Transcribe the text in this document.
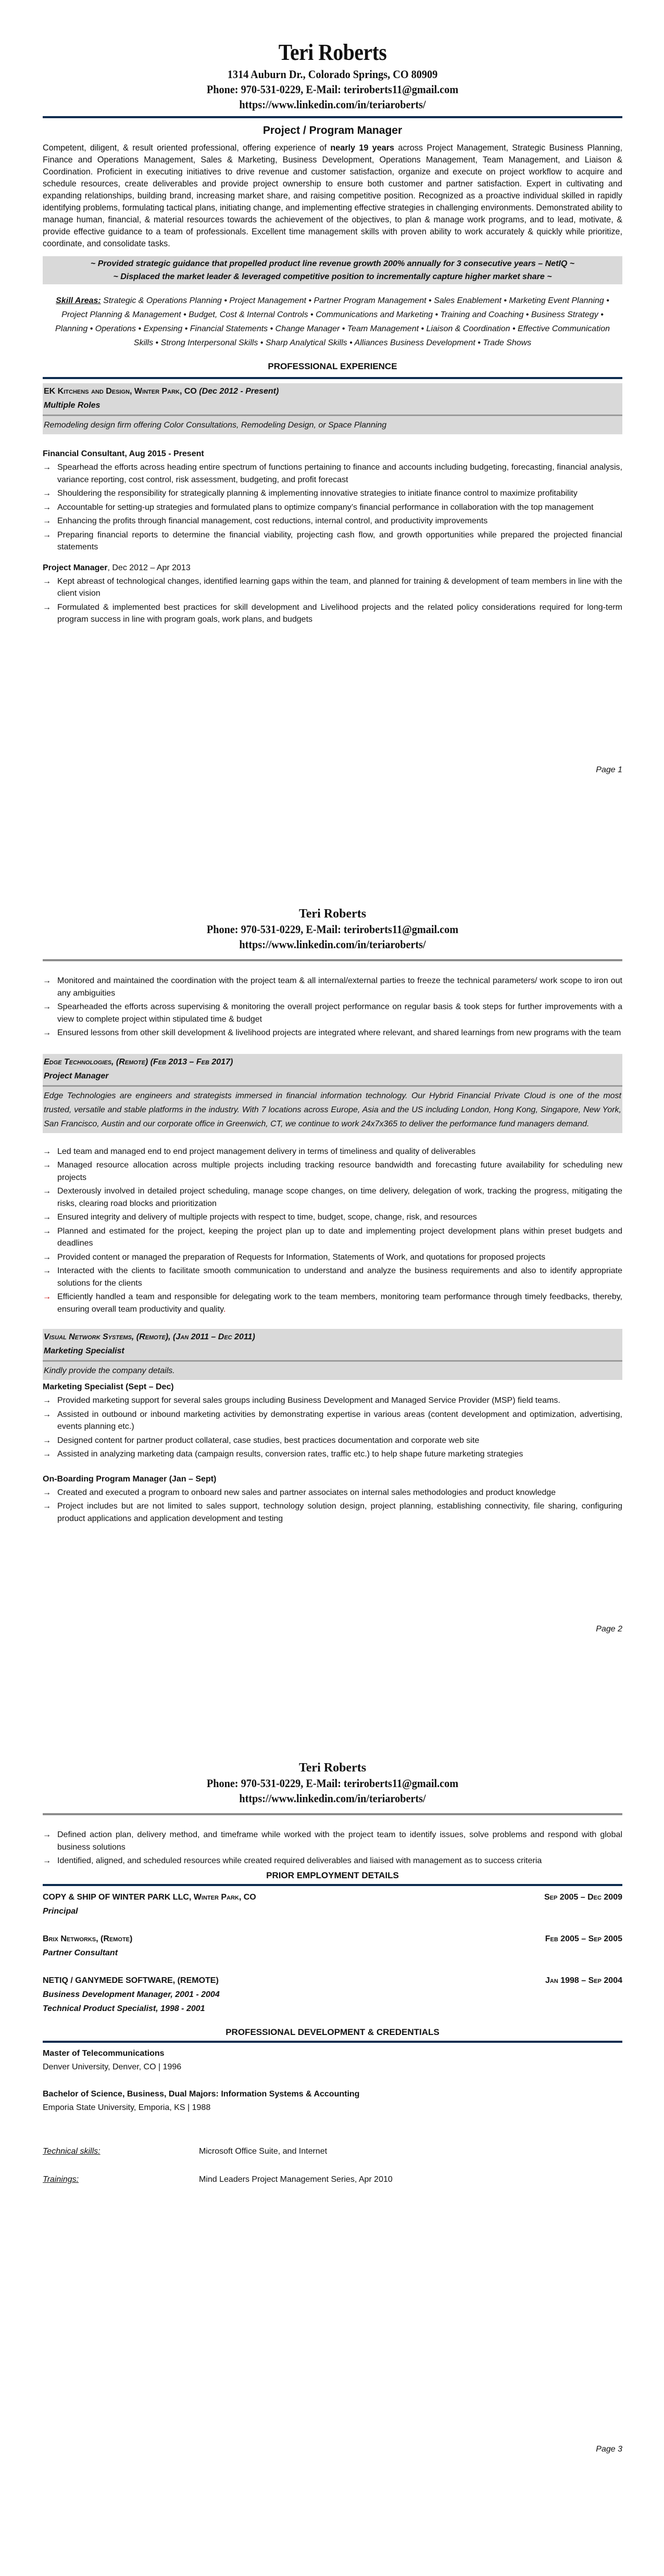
Teri Roberts
1314 Auburn Dr., Colorado Springs, CO 80909
Phone: 970-531-0229, E-Mail: teriroberts11@gmail.com
https://www.linkedin.com/in/teriaroberts/
Project / Program Manager
Competent, diligent, & result oriented professional, offering experience of nearly 19 years across Project Management, Strategic Business Planning, Finance and Operations Management, Sales & Marketing, Business Development, Operations Management, Team Management, and Liaison & Coordination. Proficient in executing initiatives to drive revenue and customer satisfaction, organize and execute on project workflow to acquire and schedule resources, create deliverables and provide project ownership to ensure both customer and partner satisfaction. Expert in cultivating and expanding relationships, building brand, increasing market share, and raising competitive position. Recognized as a proactive individual skilled in rapidly identifying problems, formulating tactical plans, initiating change, and implementing effective strategies in challenging environments. Demonstrated ability to manage human, financial, & material resources towards the achievement of the objectives, to plan & manage work programs, and to lead, motivate, & provide effective guidance to a team of professionals. Excellent time management skills with proven ability to work accurately & quickly while prioritize, coordinate, and consolidate tasks.
~ Provided strategic guidance that propelled product line revenue growth 200% annually for 3 consecutive years – NetIQ ~
~ Displaced the market leader & leveraged competitive position to incrementally capture higher market share ~
Skill Areas: Strategic & Operations Planning • Project Management • Partner Program Management • Sales Enablement • Marketing Event Planning • Project Planning & Management • Budget, Cost & Internal Controls • Communications and Marketing • Training and Coaching • Business Strategy • Planning • Operations • Expensing • Financial Statements • Change Manager • Team Management • Liaison & Coordination • Effective Communication Skills • Strong Interpersonal Skills • Sharp Analytical Skills • Alliances Business Development • Trade Shows
PROFESSIONAL EXPERIENCE
EK Kitchens and Design, Winter Park, CO (Dec 2012 - Present)
Multiple Roles
Remodeling design firm offering Color Consultations, Remodeling Design, or Space Planning
Financial Consultant, Aug 2015 - Present
→ Spearhead the efforts across heading entire spectrum of functions pertaining to finance and accounts including budgeting, forecasting, financial analysis, variance reporting, cost control, risk assessment, budgeting, and profit forecast
→ Shouldering the responsibility for strategically planning & implementing innovative strategies to initiate finance control to maximize profitability
→ Accountable for setting-up strategies and formulated plans to optimize company’s financial performance in collaboration with the top management
→ Enhancing the profits through financial management, cost reductions, internal control, and productivity improvements
→ Preparing financial reports to determine the financial viability, projecting cash flow, and growth opportunities while prepared the projected financial statements
Project Manager, Dec 2012 – Apr 2013
→ Kept abreast of technological changes, identified learning gaps within the team, and planned for training & development of team members in line with the client vision
→ Formulated & implemented best practices for skill development and Livelihood projects and the related policy considerations required for long-term program success in line with program goals, work plans, and budgets
Page 1
Teri Roberts
Phone: 970-531-0229, E-Mail: teriroberts11@gmail.com
https://www.linkedin.com/in/teriaroberts/
→ Monitored and maintained the coordination with the project team & all internal/external parties to freeze the technical parameters/ work scope to iron out any ambiguities
→ Spearheaded the efforts across supervising & monitoring the overall project performance on regular basis & took steps for further improvements with a view to complete project within stipulated time & budget
→ Ensured lessons from other skill development & livelihood projects are integrated where relevant, and shared learnings from new programs with the team
Edge Technologies, (Remote) (Feb 2013 – Feb 2017)
Project Manager
Edge Technologies are engineers and strategists immersed in financial information technology. Our Hybrid Financial Private Cloud is one of the most trusted, versatile and stable platforms in the industry. With 7 locations across Europe, Asia and the US including London, Hong Kong, Singapore, New York, San Francisco, Austin and our corporate office in Greenwich, CT, we continue to work 24x7x365 to deliver the performance fund managers demand.
→ Led team and managed end to end project management delivery in terms of timeliness and quality of deliverables
→ Managed resource allocation across multiple projects including tracking resource bandwidth and forecasting future availability for scheduling new projects
→ Dexterously involved in detailed project scheduling, manage scope changes, on time delivery, delegation of work, tracking the progress, mitigating the risks, clearing road blocks and prioritization
→ Ensured integrity and delivery of multiple projects with respect to time, budget, scope, change, risk, and resources
→ Planned and estimated for the project, keeping the project plan up to date and implementing project development plans within preset budgets and deadlines
→ Provided content or managed the preparation of Requests for Information, Statements of Work, and quotations for proposed projects
→ Interacted with the clients to facilitate smooth communication to understand and analyze the business requirements and also to identify appropriate solutions for the clients
→ Efficiently handled a team and responsible for delegating work to the team members, monitoring team performance through timely feedbacks, thereby, ensuring overall team productivity and quality.
Visual Network Systems, (Remote), (Jan 2011 – Dec 2011)
Marketing Specialist
Kindly provide the company details.
Marketing Specialist (Sept – Dec)
→ Provided marketing support for several sales groups including Business Development and Managed Service Provider (MSP) field teams.
→ Assisted in outbound or inbound marketing activities by demonstrating expertise in various areas (content development and optimization, advertising, events planning etc.)
→ Designed content for partner product collateral, case studies, best practices documentation and corporate web site
→ Assisted in analyzing marketing data (campaign results, conversion rates, traffic etc.) to help shape future marketing strategies
On-Boarding Program Manager (Jan – Sept)
→ Created and executed a program to onboard new sales and partner associates on internal sales methodologies and product knowledge
→ Project includes but are not limited to sales support, technology solution design, project planning, establishing connectivity, file sharing, configuring product applications and application development and testing
Page 2
Teri Roberts
Phone: 970-531-0229, E-Mail: teriroberts11@gmail.com
https://www.linkedin.com/in/teriaroberts/
→ Defined action plan, delivery method, and timeframe while worked with the project team to identify issues, solve problems and respond with global business solutions
→ Identified, aligned, and scheduled resources while created required deliverables and liaised with management as to success criteria
PRIOR EMPLOYMENT DETAILS
COPY & SHIP OF WINTER PARK LLC, Winter Park, CO	Sep 2005 – Dec 2009
Principal
Brix Networks, (Remote)	Feb 2005 – Sep 2005
Partner Consultant
NETIQ / GANYMEDE SOFTWARE, (REMOTE)	Jan 1998 – Sep 2004
Business Development Manager, 2001 - 2004
Technical Product Specialist, 1998 - 2001
PROFESSIONAL DEVELOPMENT & CREDENTIALS
Master of Telecommunications
Denver University, Denver, CO | 1996
Bachelor of Science, Business, Dual Majors: Information Systems & Accounting
Emporia State University, Emporia, KS | 1988
Technical skills:	Microsoft Office Suite, and Internet
Trainings:	Mind Leaders Project Management Series, Apr 2010
Page 3
